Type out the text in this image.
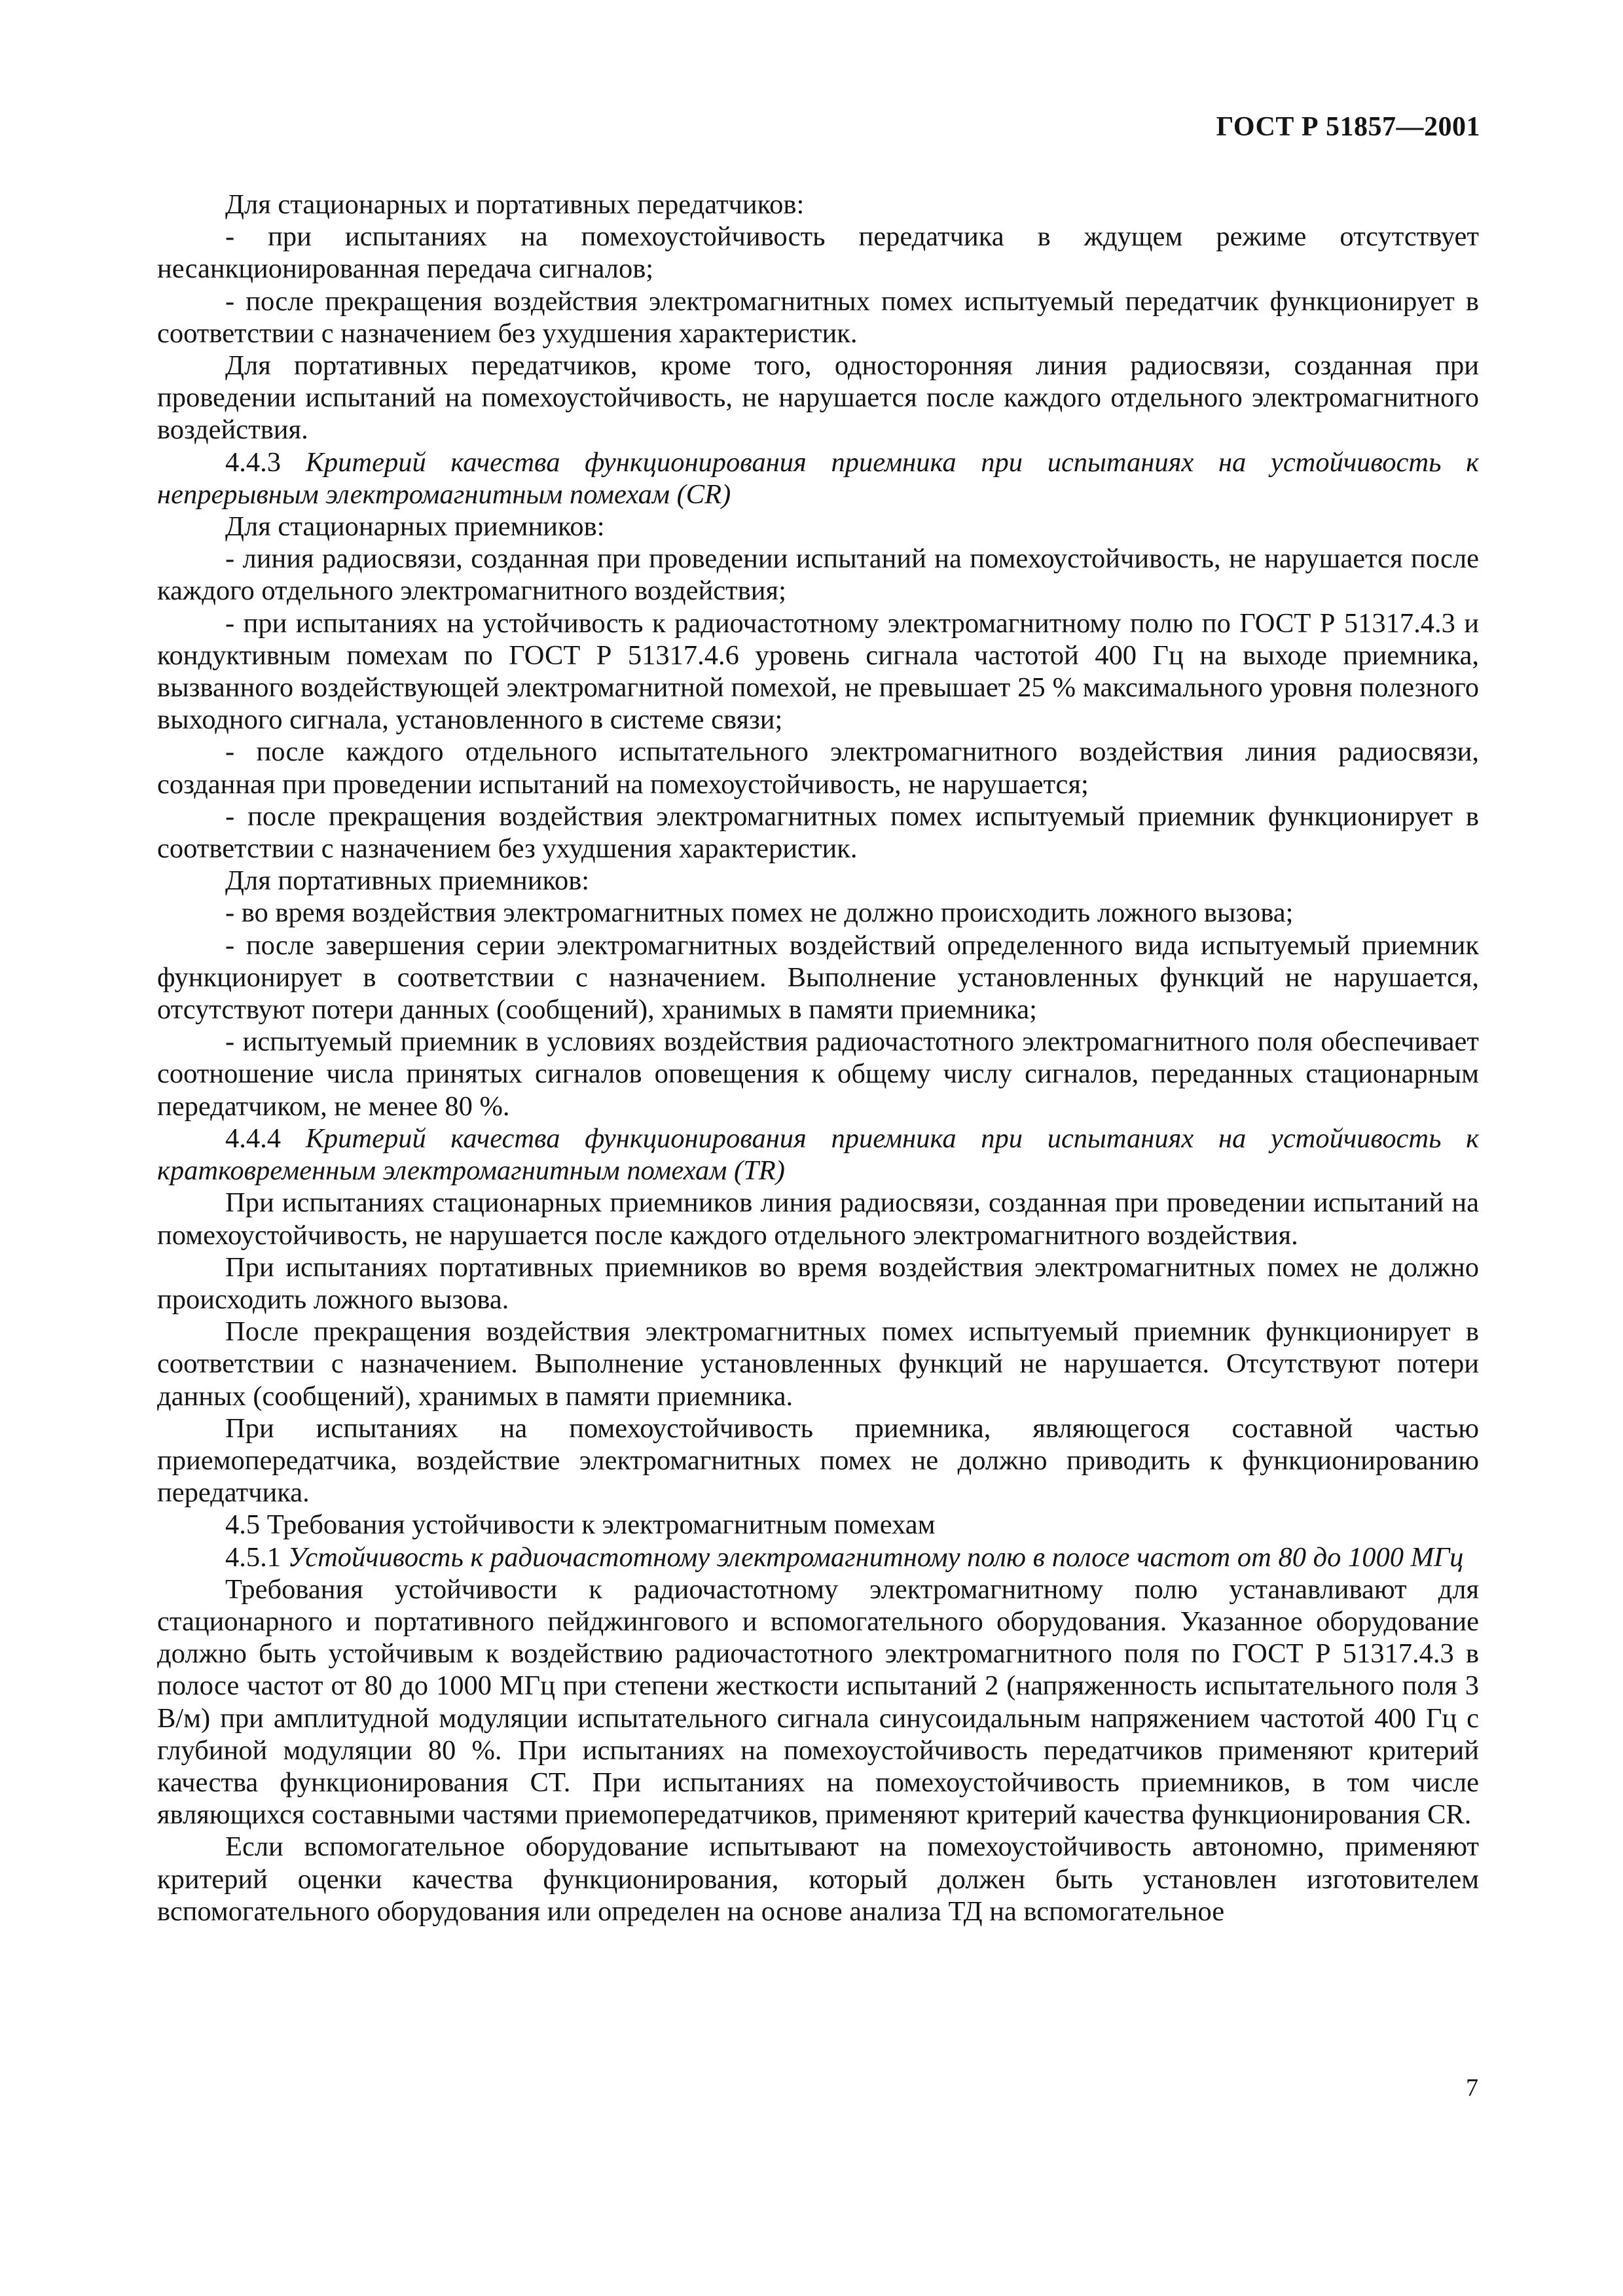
ГОСТ Р 51857—2001

Для стационарных и портативных передатчиков:

- при испытаниях на помехоустойчивость передатчика в ждущем режиме отсутствует несанкционированная передача сигналов;

- после прекращения воздействия электромагнитных помех испытуемый передатчик функционирует в соответствии с назначением без ухудшения характеристик.

Для портативных передатчиков, кроме того, односторонняя линия радиосвязи, созданная при проведении испытаний на помехоустойчивость, не нарушается после каждого отдельного электромагнитного воздействия.

4.4.3 Критерий качества функционирования приемника при испытаниях на устойчивость к непрерывным электромагнитным помехам (CR)

Для стационарных приемников:

- линия радиосвязи, созданная при проведении испытаний на помехоустойчивость, не нарушается после каждого отдельного электромагнитного воздействия;

- при испытаниях на устойчивость к радиочастотному электромагнитному полю по ГОСТ Р 51317.4.3 и кондуктивным помехам по ГОСТ Р 51317.4.6 уровень сигнала частотой 400 Гц на выходе приемника, вызванного воздействующей электромагнитной помехой, не превышает 25 % максимального уровня полезного выходного сигнала, установленного в системе связи;

- после каждого отдельного испытательного электромагнитного воздействия линия радиосвязи, созданная при проведении испытаний на помехоустойчивость, не нарушается;

- после прекращения воздействия электромагнитных помех испытуемый приемник функционирует в соответствии с назначением без ухудшения характеристик.

Для портативных приемников:

- во время воздействия электромагнитных помех не должно происходить ложного вызова;

- после завершения серии электромагнитных воздействий определенного вида испытуемый приемник функционирует в соответствии с назначением. Выполнение установленных функций не нарушается, отсутствуют потери данных (сообщений), хранимых в памяти приемника;

- испытуемый приемник в условиях воздействия радиочастотного электромагнитного поля обеспечивает соотношение числа принятых сигналов оповещения к общему числу сигналов, переданных стационарным передатчиком, не менее 80 %.

4.4.4 Критерий качества функционирования приемника при испытаниях на устойчивость к кратковременным электромагнитным помехам (TR)

При испытаниях стационарных приемников линия радиосвязи, созданная при проведении испытаний на помехоустойчивость, не нарушается после каждого отдельного электромагнитного воздействия.

При испытаниях портативных приемников во время воздействия электромагнитных помех не должно происходить ложного вызова.

После прекращения воздействия электромагнитных помех испытуемый приемник функционирует в соответствии с назначением. Выполнение установленных функций не нарушается. Отсутствуют потери данных (сообщений), хранимых в памяти приемника.

При испытаниях на помехоустойчивость приемника, являющегося составной частью приемопередатчика, воздействие электромагнитных помех не должно приводить к функционированию передатчика.

4.5 Требования устойчивости к электромагнитным помехам

4.5.1 Устойчивость к радиочастотному электромагнитному полю в полосе частот от 80 до 1000 МГц

Требования устойчивости к радиочастотному электромагнитному полю устанавливают для стационарного и портативного пейджингового и вспомогательного оборудования. Указанное оборудование должно быть устойчивым к воздействию радиочастотного электромагнитного поля по ГОСТ Р 51317.4.3 в полосе частот от 80 до 1000 МГц при степени жесткости испытаний 2 (напряженность испытательного поля 3 В/м) при амплитудной модуляции испытательного сигнала синусоидальным напряжением частотой 400 Гц с глубиной модуляции 80 %. При испытаниях на помехоустойчивость передатчиков применяют критерий качества функционирования CT. При испытаниях на помехоустойчивость приемников, в том числе являющихся составными частями приемопередатчиков, применяют критерий качества функционирования CR.

Если вспомогательное оборудование испытывают на помехоустойчивость автономно, применяют критерий оценки качества функционирования, который должен быть установлен изготовителем вспомогательного оборудования или определен на основе анализа ТД на вспомогательное

7
